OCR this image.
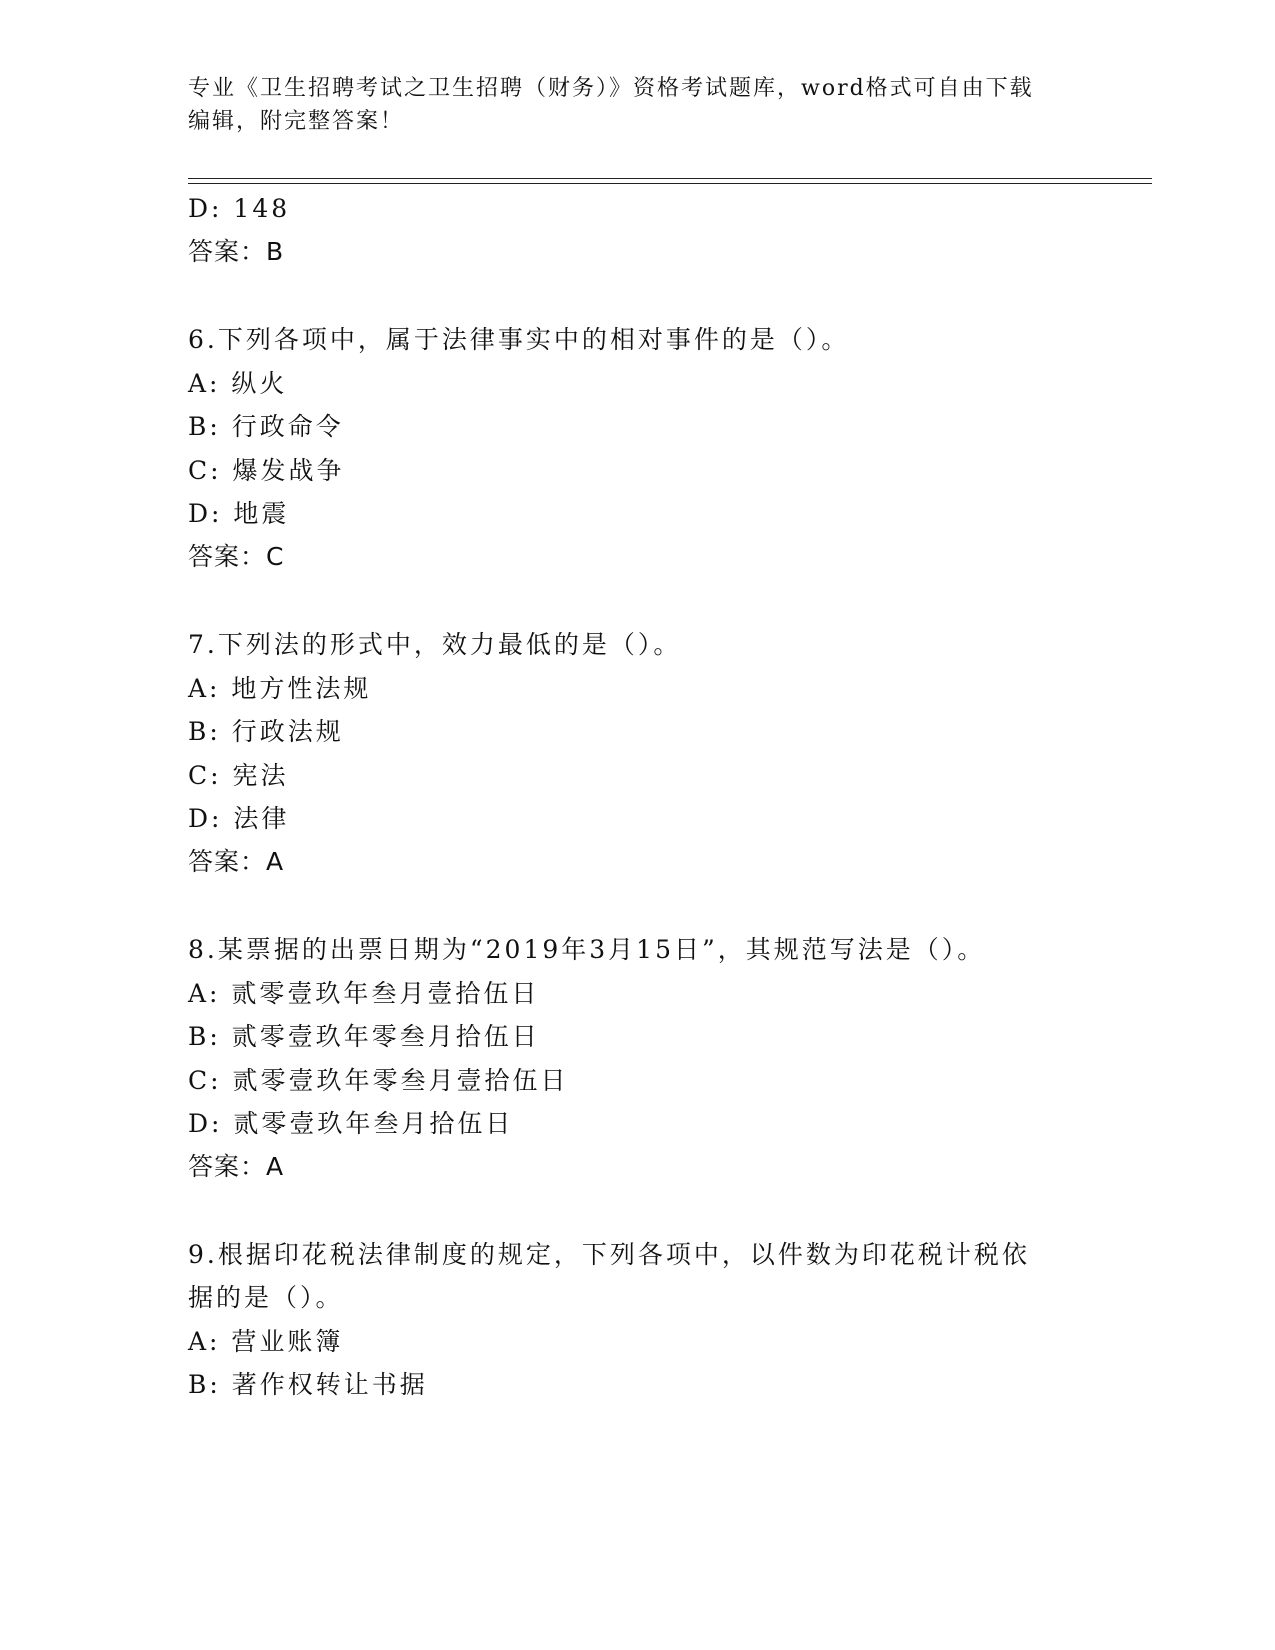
专业《卫生招聘考试之卫生招聘（财务）》资格考试题库，word格式可自由下载
编辑，附完整答案！
D: 148
答案：B
6.下列各项中，属于法律事实中的相对事件的是（）。
A: 纵火
B: 行政命令
C: 爆发战争
D: 地震
答案：C
7.下列法的形式中，效力最低的是（）。
A: 地方性法规
B: 行政法规
C: 宪法
D: 法律
答案：A
8.某票据的出票日期为“2019年3月15日”，其规范写法是（）。
A: 贰零壹玖年叁月壹拾伍日
B: 贰零壹玖年零叁月拾伍日
C: 贰零壹玖年零叁月壹拾伍日
D: 贰零壹玖年叁月拾伍日
答案：A
9.根据印花税法律制度的规定，下列各项中，以件数为印花税计税依
据的是（）。
A: 营业账簿
B: 著作权转让书据
